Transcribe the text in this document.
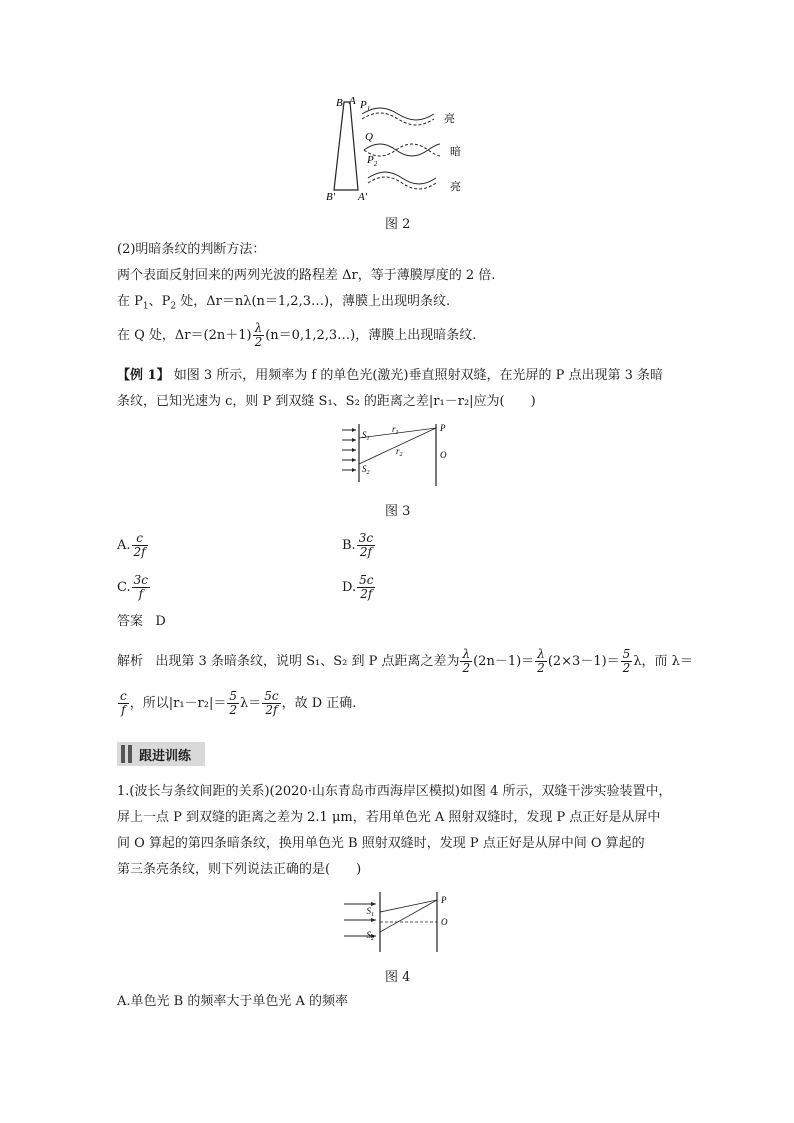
B A $P_1$
Q
$P_2$
B′ A′
亮
暗
亮
图 2
(2)明暗条纹的判断方法：
两个表面反射回来的两列光波的路程差 Δr，等于薄膜厚度的 2 倍.
在 $P_1$、$P_2$ 处，Δr＝nλ(n＝1,2,3…)，薄膜上出现明条纹.
在 Q 处，$\Delta r=(2n+1) \frac{\lambda}{2}$ (n＝0,1,2,3…)，薄膜上出现暗条纹.
【例 1】 如图 3 所示，用频率为 f 的单色光(激光)垂直照射双缝，在光屏的 P 点出现第 3 条暗
条纹，已知光速为 c，则 P 到双缝 S₁、S₂ 的距离之差|r₁－r₂|应为(　　)
$S_1$
$r_1$
$S_2$
$r_2$
P
O
图 3
A. $\frac{c}{2f}$	B. $\frac{3c}{2f}$
C. $\frac{3c}{f}$	D. $\frac{5c}{2f}$
答案 D
解析 出现第 3 条暗条纹，说明 S₁、S₂ 到 P 点距离之差为 $\frac{\lambda}{2} (2n-1)= \frac{\lambda}{2} (2\times 3-1)= \frac{5}{2}$ λ，而 λ＝
$\frac{c}{f}$ ，所以$|r_1-r_2|= \frac{5}{2} \lambda= \frac{5c}{2f}$ ，故 D 正确.
跟进训练
1.(波长与条纹间距的关系)(2020·山东青岛市西海岸区模拟)如图 4 所示，双缝干涉实验装置中，
屏上一点 P 到双缝的距离之差为 2.1 μm，若用单色光 A 照射双缝时，发现 P 点正好是从屏中
间 O 算起的第四条暗条纹，换用单色光 B 照射双缝时，发现 P 点正好是从屏中间 O 算起的
第三条亮条纹，则下列说法正确的是(　　)
$S_1$
$S_2$
P
O
图 4
A.单色光 B 的频率大于单色光 A 的频率
